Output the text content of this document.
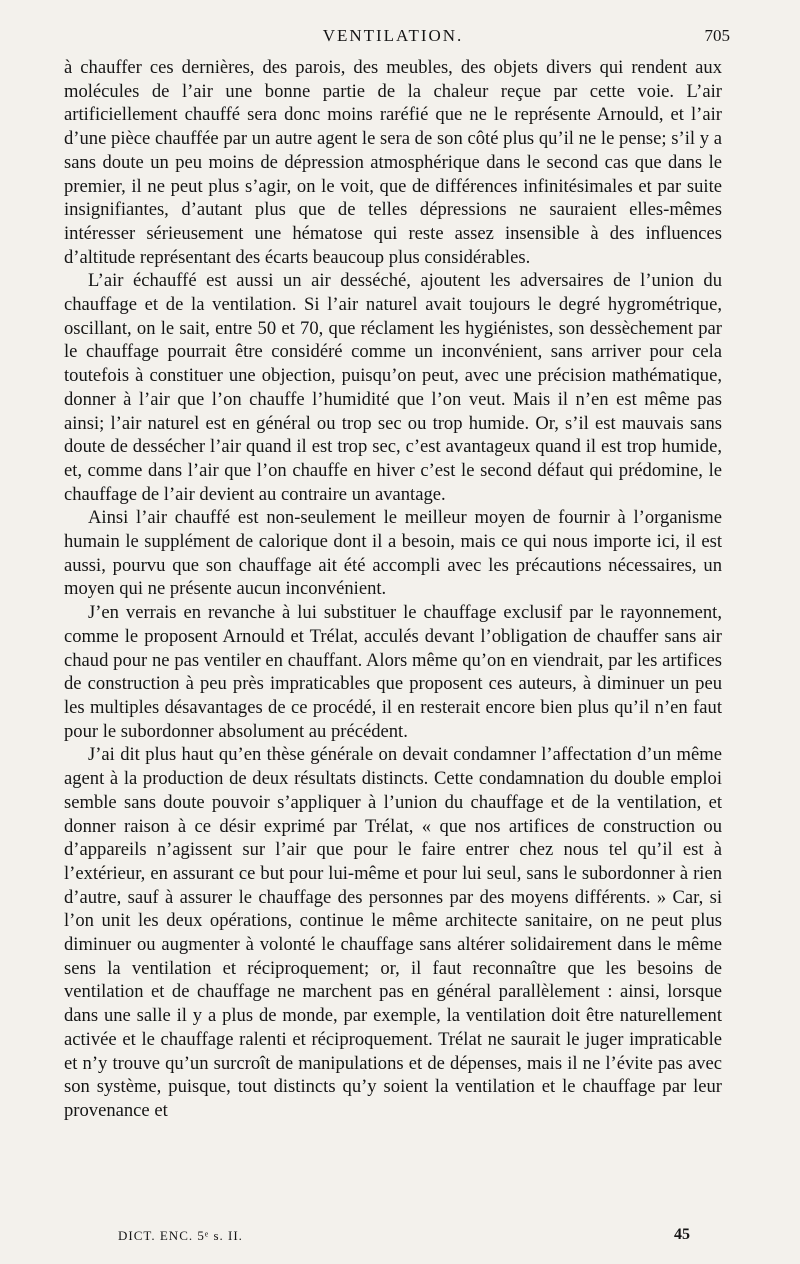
VENTILATION.	705

à chauffer ces dernières, des parois, des meubles, des objets divers qui rendent aux molécules de l’air une bonne partie de la chaleur reçue par cette voie. L’air artificiellement chauffé sera donc moins raréfié que ne le représente Arnould, et l’air d’une pièce chauffée par un autre agent le sera de son côté plus qu’il ne le pense; s’il y a sans doute un peu moins de dépression atmosphérique dans le second cas que dans le premier, il ne peut plus s’agir, on le voit, que de différences infinitésimales et par suite insignifiantes, d’autant plus que de telles dépressions ne sauraient elles-mêmes intéresser sérieusement une hématose qui reste assez insensible à des influences d’altitude représentant des écarts beaucoup plus considérables.

L’air échauffé est aussi un air desséché, ajoutent les adversaires de l’union du chauffage et de la ventilation. Si l’air naturel avait toujours le degré hygrométrique, oscillant, on le sait, entre 50 et 70, que réclament les hygiénistes, son dessèchement par le chauffage pourrait être considéré comme un inconvénient, sans arriver pour cela toutefois à constituer une objection, puisqu’on peut, avec une précision mathématique, donner à l’air que l’on chauffe l’humidité que l’on veut. Mais il n’en est même pas ainsi; l’air naturel est en général ou trop sec ou trop humide. Or, s’il est mauvais sans doute de dessécher l’air quand il est trop sec, c’est avantageux quand il est trop humide, et, comme dans l’air que l’on chauffe en hiver c’est le second défaut qui prédomine, le chauffage de l’air devient au contraire un avantage.

Ainsi l’air chauffé est non-seulement le meilleur moyen de fournir à l’organisme humain le supplément de calorique dont il a besoin, mais ce qui nous importe ici, il est aussi, pourvu que son chauffage ait été accompli avec les précautions nécessaires, un moyen qui ne présente aucun inconvénient.

J’en verrais en revanche à lui substituer le chauffage exclusif par le rayonnement, comme le proposent Arnould et Trélat, acculés devant l’obligation de chauffer sans air chaud pour ne pas ventiler en chauffant. Alors même qu’on en viendrait, par les artifices de construction à peu près impraticables que proposent ces auteurs, à diminuer un peu les multiples désavantages de ce procédé, il en resterait encore bien plus qu’il n’en faut pour le subordonner absolument au précédent.

J’ai dit plus haut qu’en thèse générale on devait condamner l’affectation d’un même agent à la production de deux résultats distincts. Cette condamnation du double emploi semble sans doute pouvoir s’appliquer à l’union du chauffage et de la ventilation, et donner raison à ce désir exprimé par Trélat, « que nos artifices de construction ou d’appareils n’agissent sur l’air que pour le faire entrer chez nous tel qu’il est à l’extérieur, en assurant ce but pour lui-même et pour lui seul, sans le subordonner à rien d’autre, sauf à assurer le chauffage des personnes par des moyens différents. » Car, si l’on unit les deux opérations, continue le même architecte sanitaire, on ne peut plus diminuer ou augmenter à volonté le chauffage sans altérer solidairement dans le même sens la ventilation et réciproquement; or, il faut reconnaître que les besoins de ventilation et de chauffage ne marchent pas en général parallèlement : ainsi, lorsque dans une salle il y a plus de monde, par exemple, la ventilation doit être naturellement activée et le chauffage ralenti et réciproquement. Trélat ne saurait le juger impraticable et n’y trouve qu’un surcroît de manipulations et de dépenses, mais il ne l’évite pas avec son système, puisque, tout distincts qu’y soient la ventilation et le chauffage par leur provenance et

DICT. ENC. 5ᵉ s. II.	45
